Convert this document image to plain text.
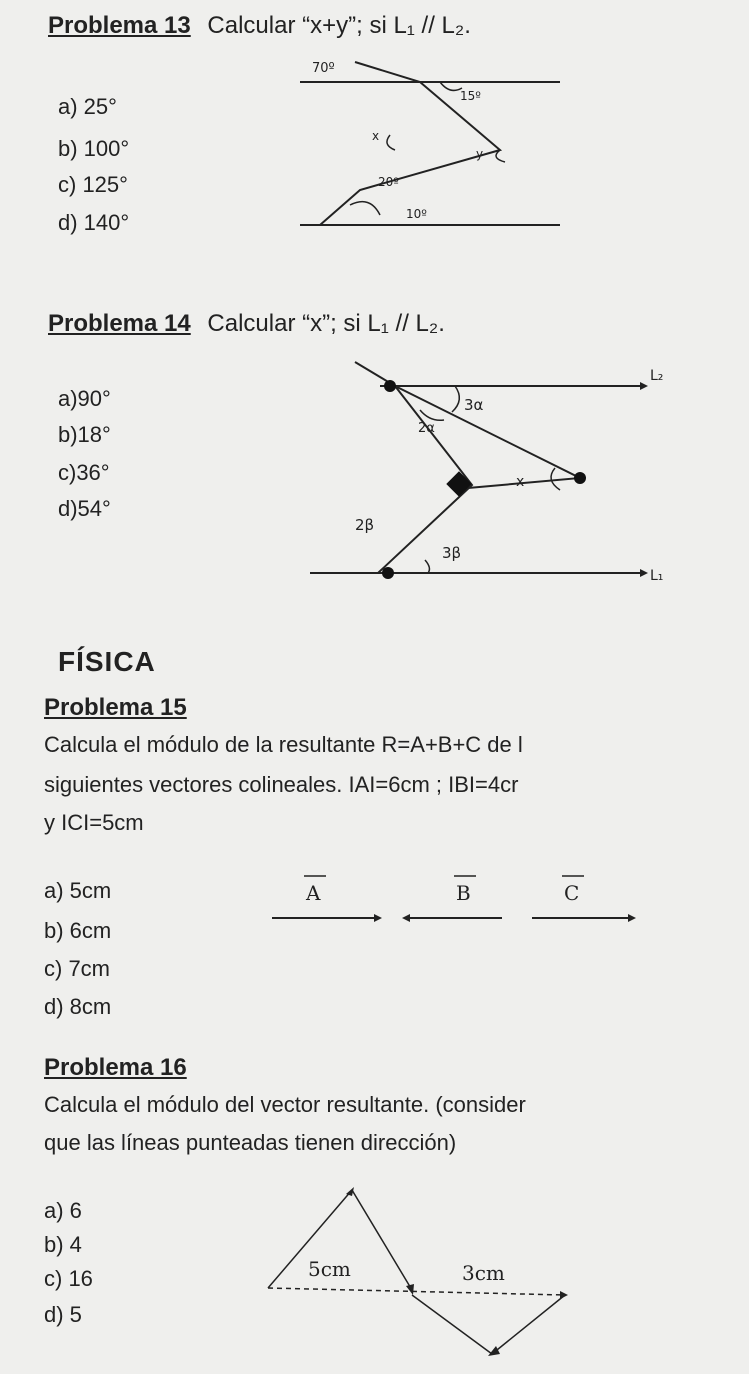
Problema 13 Calcular “x+y”; si L₁ // L₂.
a) 25°
b) 100°
c) 125°
d) 140°
70º
15º
x
y
20º
10º
Problema 14 Calcular “x”; si L₁ // L₂.
a)90°
b)18°
c)36°
d)54°
L₂
3α
2α
x
2β
3β
L₁
FÍSICA
Problema 15
Calcula el módulo de la resultante R=A+B+C de l
siguientes vectores colineales. IAI=6cm ; IBI=4cr
y ICI=5cm
a) 5cm
b) 6cm
c) 7cm
d) 8cm
A	B	C
Problema 16
Calcula el módulo del vector resultante. (consider
que las líneas punteadas tienen dirección)
a) 6
b) 4
c) 16
d) 5
5cm	3cm
